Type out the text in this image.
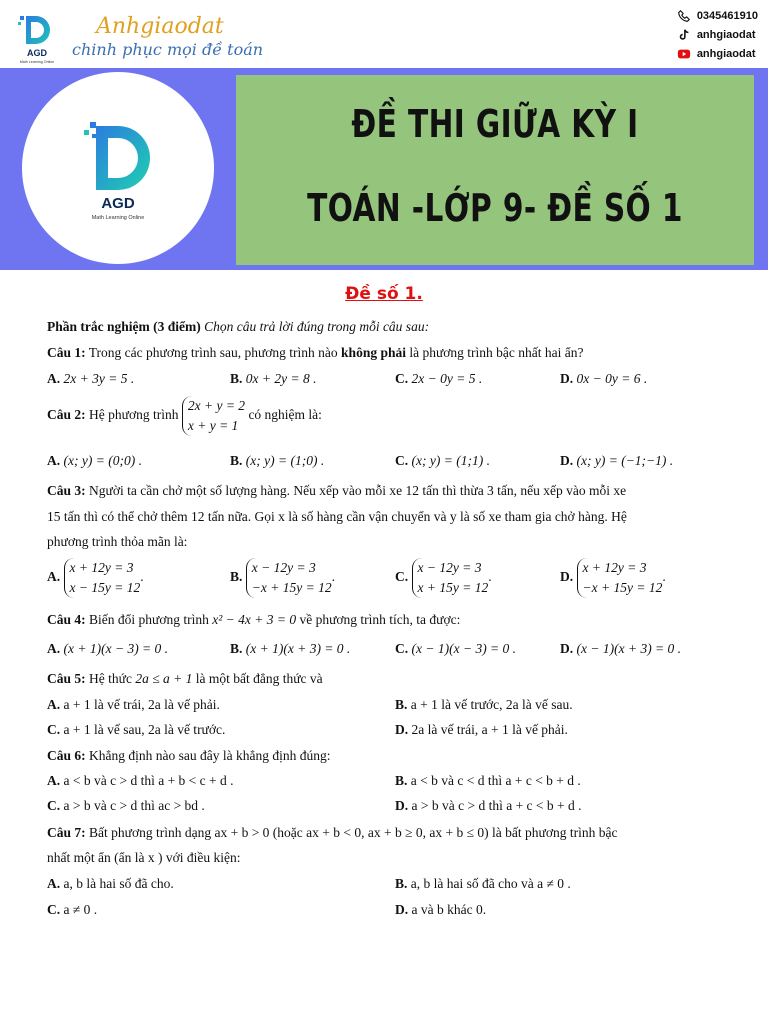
AGD
Math Learning Online
Anhgiaodat
chinh phục mọi đề toán
0345461910
anhgiaodat
anhgiaodat
AGD
Math Learning Online
ĐỀ THI GIỮA KỲ I
TOÁN -LỚP 9- ĐỀ SỐ 1
Đề số 1.
Phần trắc nghiệm (3 điểm) Chọn câu trả lời đúng trong mỗi câu sau:
Câu 1: Trong các phương trình sau, phương trình nào không phải là phương trình bậc nhất hai ẩn?
A. 2x + 3y = 5 .	B. 0x + 2y = 8 .	C. 2x − 0y = 5 .	D. 0x − 0y = 6 .
Câu 2: Hệ phương trình 2x + y = 2
x + y = 1 có nghiệm là:
A. (x; y) = (0;0) .	B. (x; y) = (1;0) .	C. (x; y) = (1;1) .	D. (x; y) = (−1;−1) .
Câu 3: Người ta cần chở một số lượng hàng. Nếu xếp vào mỗi xe 12 tấn thì thừa 3 tấn, nếu xếp vào mỗi xe
15 tấn thì có thể chở thêm 12 tấn nữa. Gọi x là số hàng cần vận chuyển và y là số xe tham gia chở hàng. Hệ
phương trình thỏa mãn là:
A. x + 12y = 3
x − 15y = 12.	B. x − 12y = 3
−x + 15y = 12.	C. x − 12y = 3
x + 15y = 12.	D. x + 12y = 3
−x + 15y = 12.
Câu 4: Biến đổi phương trình x² − 4x + 3 = 0 về phương trình tích, ta được:
A. (x + 1)(x − 3) = 0 .	B. (x + 1)(x + 3) = 0 .	C. (x − 1)(x − 3) = 0 .	D. (x − 1)(x + 3) = 0 .
Câu 5: Hệ thức 2a ≤ a + 1 là một bất đẳng thức và
A. a + 1 là vế trái, 2a là vế phải.	B. a + 1 là vế trước, 2a là vế sau.
C. a + 1 là vế sau, 2a là vế trước.	D. 2a là vế trái, a + 1 là vế phải.
Câu 6: Khẳng định nào sau đây là khẳng định đúng:
A. a < b và c > d thì a + b < c + d .	B. a < b và c < d thì a + c < b + d .
C. a > b và c > d thì ac > bd .	D. a > b và c > d thì a + c < b + d .
Câu 7: Bất phương trình dạng ax + b > 0 (hoặc ax + b < 0, ax + b ≥ 0, ax + b ≤ 0) là bất phương trình bậc
nhất một ẩn (ẩn là x ) với điều kiện:
A. a, b là hai số đã cho.	B. a, b là hai số đã cho và a ≠ 0 .
C. a ≠ 0 .	D. a và b khác 0.
